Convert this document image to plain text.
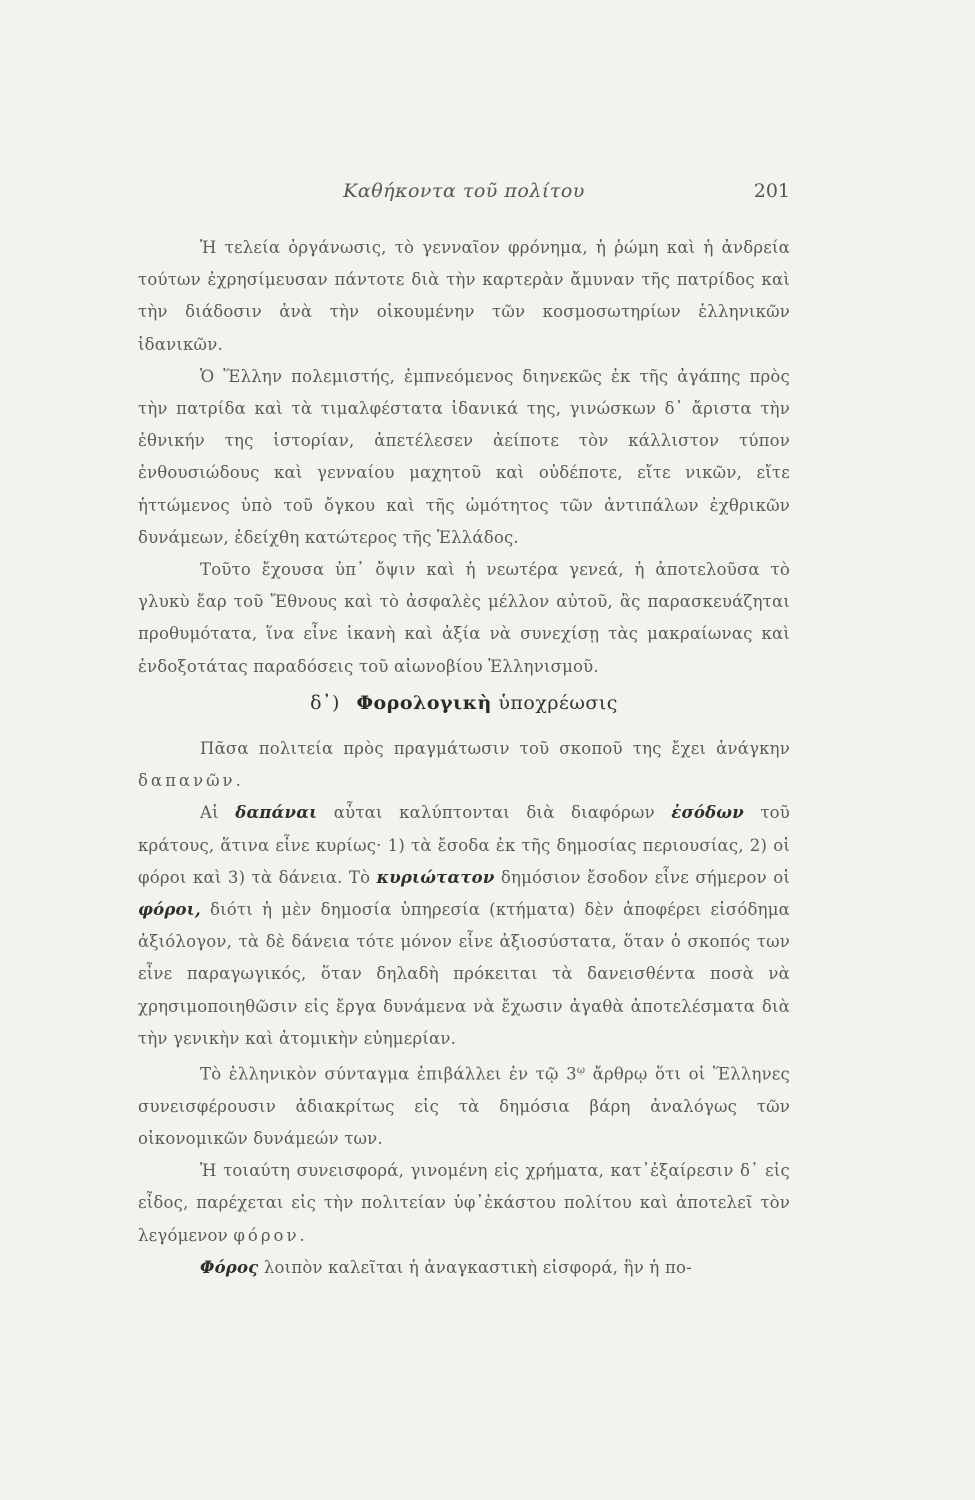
Καθήκοντα τοῦ πολίτου	201

Ἡ τελεία ὀργάνωσις, τὸ γενναῖον φρόνημα, ἡ ῥώμη καὶ ἡ ἀνδρεία τούτων ἐχρησίμευσαν πάντοτε διὰ τὴν καρτερὰν ἄμυναν τῆς πατρίδος καὶ τὴν διάδοσιν ἀνὰ τὴν οἰκουμένην τῶν κοσμοσωτηρίων ἑλληνικῶν ἰδανικῶν.

Ὁ Ἕλλην πολεμιστής, ἐμπνεόμενος διηνεκῶς ἐκ τῆς ἀγάπης πρὸς τὴν πατρίδα καὶ τὰ τιμαλφέστατα ἰδανικά της, γινώσκων δ᾽ ἄριστα τὴν ἐθνικήν της ἱστορίαν, ἀπετέλεσεν ἀείποτε τὸν κάλλιστον τύπον ἐνθουσιώδους καὶ γενναίου μαχητοῦ καὶ οὐδέποτε, εἴτε νικῶν, εἴτε ἡττώμενος ὑπὸ τοῦ ὄγκου καὶ τῆς ὠμότητος τῶν ἀντιπάλων ἐχθρικῶν δυνάμεων, ἐδείχθη κατώτερος τῆς Ἑλλάδος.

Τοῦτο ἔχουσα ὑπ᾽ ὄψιν καὶ ἡ νεωτέρα γενεά, ἡ ἀποτελοῦσα τὸ γλυκὺ ἔαρ τοῦ Ἔθνους καὶ τὸ ἀσφαλὲς μέλλον αὐτοῦ, ἂς παρασκευάζηται προθυμότατα, ἵνα εἶνε ἱκανὴ καὶ ἀξία νὰ συνεχίσῃ τὰς μακραίωνας καὶ ἐνδοξοτάτας παραδόσεις τοῦ αἰωνοβίου Ἑλληνισμοῦ.

δ᾽) Φορολογικὴ ὑποχρέωσις

Πᾶσα πολιτεία πρὸς πραγμάτωσιν τοῦ σκοποῦ της ἔχει ἀνάγκην δαπανῶν.

Αἱ δαπάναι αὗται καλύπτονται διὰ διαφόρων ἐσόδων τοῦ κράτους, ἅτινα εἶνε κυρίως· 1) τὰ ἔσοδα ἐκ τῆς δημοσίας περιουσίας, 2) οἱ φόροι καὶ 3) τὰ δάνεια. Τὸ κυριώτατον δημόσιον ἔσοδον εἶνε σήμερον οἱ φόροι, διότι ἡ μὲν δημοσία ὑπηρεσία (κτήματα) δὲν ἀποφέρει εἰσόδημα ἀξιόλογον, τὰ δὲ δάνεια τότε μόνον εἶνε ἀξιοσύστατα, ὅταν ὁ σκοπός των εἶνε παραγωγικός, ὅταν δηλαδὴ πρόκειται τὰ δανεισθέντα ποσὰ νὰ χρησιμοποιηθῶσιν εἰς ἔργα δυνάμενα νὰ ἔχωσιν ἀγαθὰ ἀποτελέσματα διὰ τὴν γενικὴν καὶ ἀτομικὴν εὐημερίαν.

Τὸ ἑλληνικὸν σύνταγμα ἐπιβάλλει ἐν τῷ $3^ῳ$ ἄρθρῳ ὅτι οἱ Ἕλληνες συνεισφέρουσιν ἀδιακρίτως εἰς τὰ δημόσια βάρη ἀναλόγως τῶν οἰκονομικῶν δυνάμεών των.

Ἡ τοιαύτη συνεισφορά, γινομένη εἰς χρήματα, κατ᾽ἐξαίρεσιν δ᾽ εἰς εἶδος, παρέχεται εἰς τὴν πολιτείαν ὑφ᾽ἑκάστου πολίτου καὶ ἀποτελεῖ τὸν λεγόμενον φόρον.

Φόρος λοιπὸν καλεῖται ἡ ἀναγκαστικὴ εἰσφορά, ἣν ἡ πο-
